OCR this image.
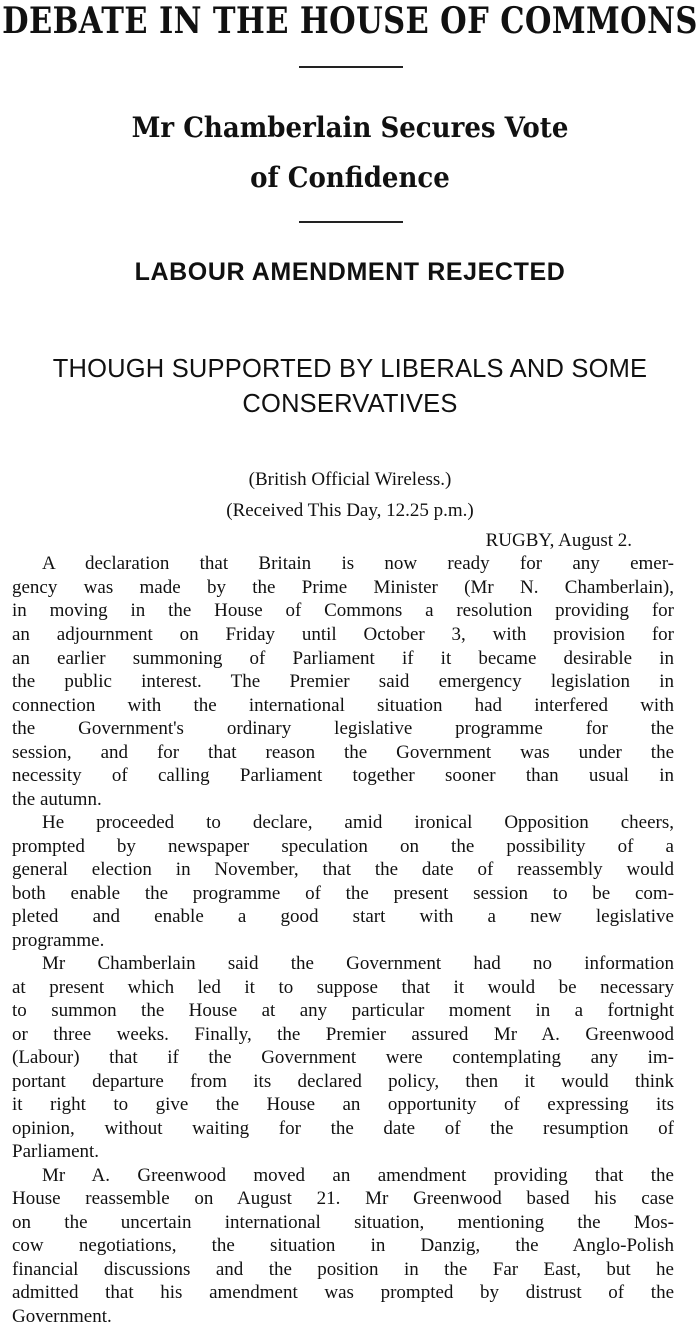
DEBATE IN THE HOUSE OF COMMONS
Mr Chamberlain Secures Vote
of Confidence
LABOUR AMENDMENT REJECTED
THOUGH SUPPORTED BY LIBERALS AND SOME
CONSERVATIVES
(British Official Wireless.)
(Received This Day, 12.25 p.m.)
RUGBY, August 2.
A declaration that Britain is now ready for any emer-
gency was made by the Prime Minister (Mr N. Chamberlain),
in moving in the House of Commons a resolution providing for
an adjournment on Friday until October 3, with provision for
an earlier summoning of Parliament if it became desirable in
the public interest. The Premier said emergency legislation in
connection with the international situation had interfered with
the Government's ordinary legislative programme for the
session, and for that reason the Government was under the
necessity of calling Parliament together sooner than usual in
the autumn.
He proceeded to declare, amid ironical Opposition cheers,
prompted by newspaper speculation on the possibility of a
general election in November, that the date of reassembly would
both enable the programme of the present session to be com-
pleted and enable a good start with a new legislative
programme.
Mr Chamberlain said the Government had no information
at present which led it to suppose that it would be necessary
to summon the House at any particular moment in a fortnight
or three weeks. Finally, the Premier assured Mr A. Greenwood
(Labour) that if the Government were contemplating any im-
portant departure from its declared policy, then it would think
it right to give the House an opportunity of expressing its
opinion, without waiting for the date of the resumption of
Parliament.
Mr A. Greenwood moved an amendment providing that the
House reassemble on August 21. Mr Greenwood based his case
on the uncertain international situation, mentioning the Mos-
cow negotiations, the situation in Danzig, the Anglo-Polish
financial discussions and the position in the Far East, but he
admitted that his amendment was prompted by distrust of the
Government.
